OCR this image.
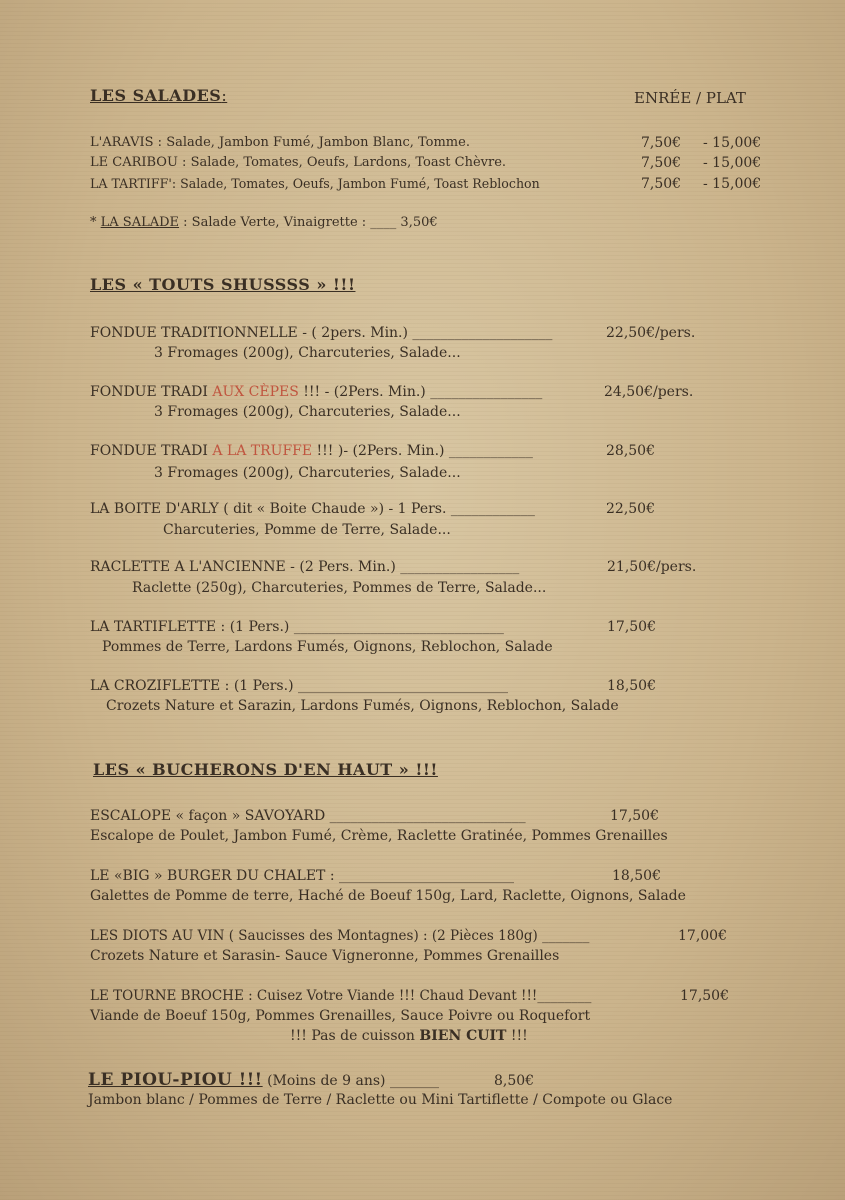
LES SALADES:	ENRÉE / PLAT
L'ARAVIS : Salade, Jambon Fumé, Jambon Blanc, Tomme.	7,50€ - 15,00€
LE CARIBOU : Salade, Tomates, Oeufs, Lardons, Toast Chèvre.	7,50€ - 15,00€
LA TARTIFF': Salade, Tomates, Oeufs, Jambon Fumé, Toast Reblochon	7,50€ - 15,00€
* LA SALADE : Salade Verte, Vinaigrette : ____ 3,50€
LES « TOUTS SHUSSSS » !!!
FONDUE TRADITIONNELLE - ( 2pers. Min.) ____________________	22,50€/pers.
3 Fromages (200g), Charcuteries, Salade...
FONDUE TRADI AUX CÈPES !!! - (2Pers. Min.) ________________	24,50€/pers.
3 Fromages (200g), Charcuteries, Salade...
FONDUE TRADI A LA TRUFFE !!! )- (2Pers. Min.) ____________	28,50€
3 Fromages (200g), Charcuteries, Salade...
LA BOITE D'ARLY ( dit « Boite Chaude ») - 1 Pers. ____________	22,50€
Charcuteries, Pomme de Terre, Salade...
RACLETTE A L'ANCIENNE - (2 Pers. Min.) _________________	21,50€/pers.
Raclette (250g), Charcuteries, Pommes de Terre, Salade...
LA TARTIFLETTE : (1 Pers.) ______________________________	17,50€
Pommes de Terre, Lardons Fumés, Oignons, Reblochon, Salade
LA CROZIFLETTE : (1 Pers.) ______________________________	18,50€
Crozets Nature et Sarazin, Lardons Fumés, Oignons, Reblochon, Salade
LES « BUCHERONS D'EN HAUT » !!!
ESCALOPE « façon » SAVOYARD ____________________________	17,50€
Escalope de Poulet, Jambon Fumé, Crème, Raclette Gratinée, Pommes Grenailles
LE «BIG » BURGER DU CHALET : _________________________	18,50€
Galettes de Pomme de terre, Haché de Boeuf 150g, Lard, Raclette, Oignons, Salade
LES DIOTS AU VIN ( Saucisses des Montagnes) : (2 Pièces 180g) _______	17,00€
Crozets Nature et Sarasin- Sauce Vigneronne, Pommes Grenailles
LE TOURNE BROCHE : Cuisez Votre Viande !!! Chaud Devant !!!________	17,50€
Viande de Boeuf 150g, Pommes Grenailles, Sauce Poivre ou Roquefort
!!! Pas de cuisson BIEN CUIT !!!
LE PIOU-PIOU !!! (Moins de 9 ans) _______	8,50€
Jambon blanc / Pommes de Terre / Raclette ou Mini Tartiflette / Compote ou Glace
